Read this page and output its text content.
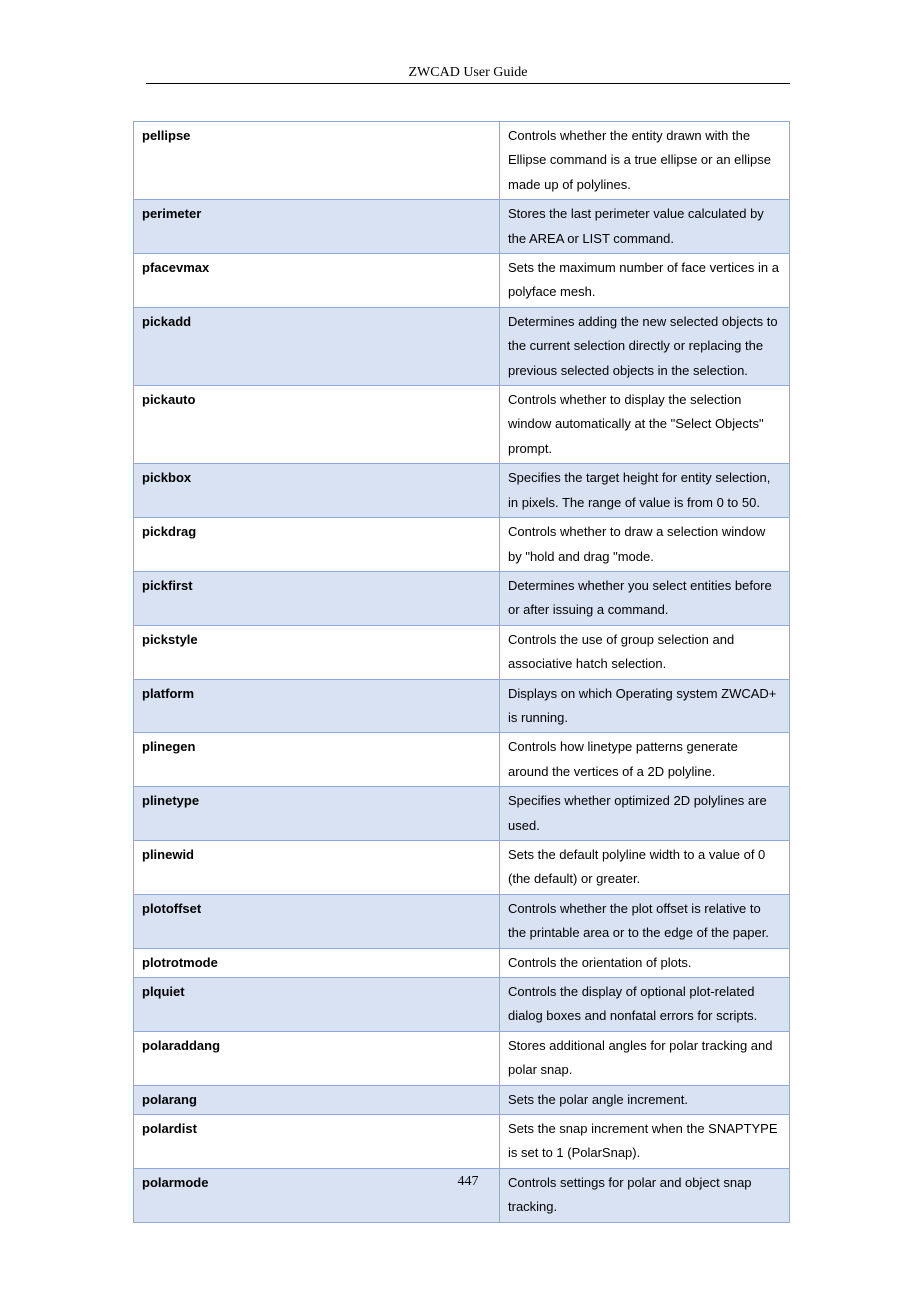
ZWCAD User Guide
pellipse	Controls whether the entity drawn with the Ellipse command is a true ellipse or an ellipse made up of polylines.
perimeter	Stores the last perimeter value calculated by the AREA or LIST command.
pfacevmax	Sets the maximum number of face vertices in a polyface mesh.
pickadd	Determines adding the new selected objects to the current selection directly or replacing the previous selected objects in the selection.
pickauto	Controls whether to display the selection window automatically at the "Select Objects" prompt.
pickbox	Specifies the target height for entity selection, in pixels. The range of value is from 0 to 50.
pickdrag	Controls whether to draw a selection window by "hold and drag "mode.
pickfirst	Determines whether you select entities before or after issuing a command.
pickstyle	Controls the use of group selection and associative hatch selection.
platform	Displays on which Operating system ZWCAD+ is running.
plinegen	Controls how linetype patterns generate around the vertices of a 2D polyline.
plinetype	Specifies whether optimized 2D polylines are used.
plinewid	Sets the default polyline width to a value of 0 (the default) or greater.
plotoffset	Controls whether the plot offset is relative to the printable area or to the edge of the paper.
plotrotmode	Controls the orientation of plots.
plquiet	Controls the display of optional plot-related dialog boxes and nonfatal errors for scripts.
polaraddang	Stores additional angles for polar tracking and polar snap.
polarang	Sets the polar angle increment.
polardist	Sets the snap increment when the SNAPTYPE is set to 1 (PolarSnap).
polarmode	Controls settings for polar and object snap tracking.
447
